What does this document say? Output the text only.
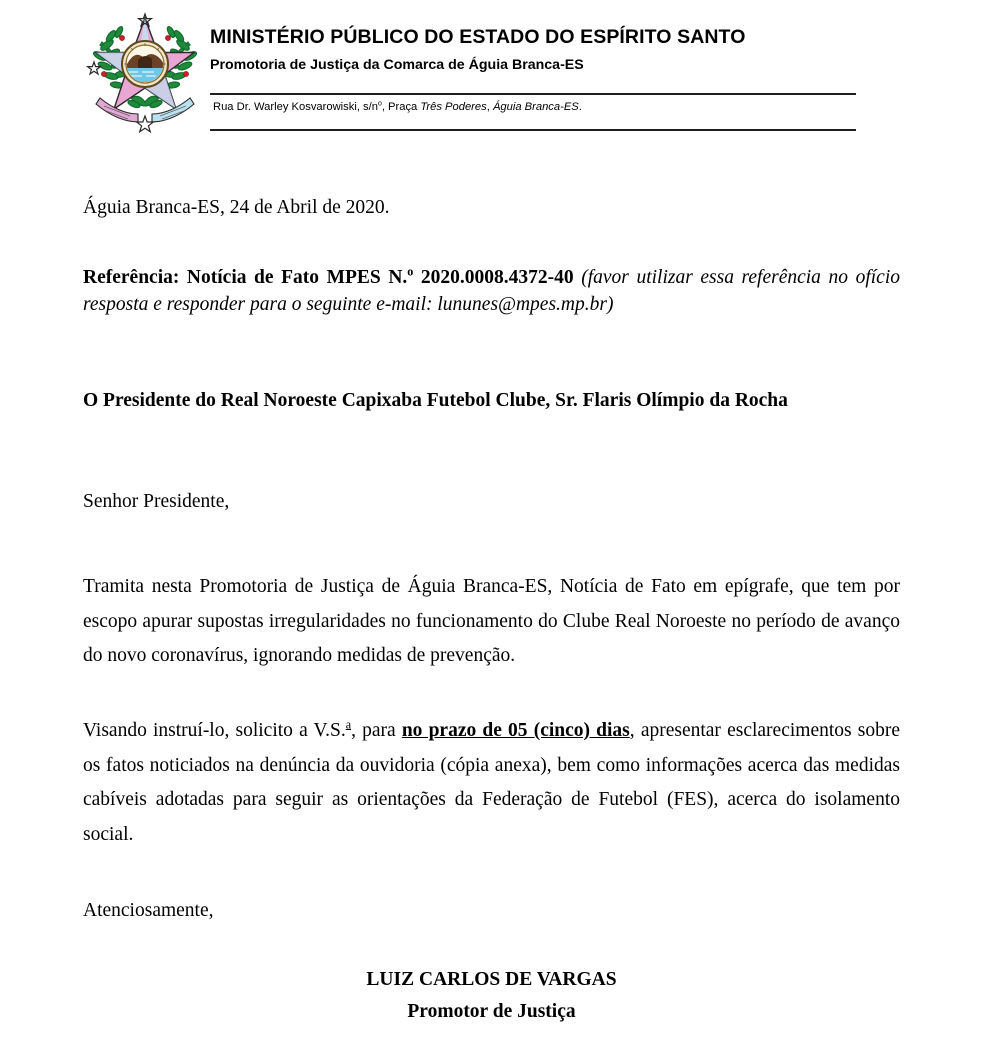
MINISTÉRIO PÚBLICO DO ESTADO DO ESPÍRITO SANTO
Promotoria de Justiça da Comarca de Águia Branca-ES
Rua Dr. Warley Kosvarowiski, $s/n^o$, Praça Três Poderes, Águia Branca-ES.

Águia Branca-ES, 24 de Abril de 2020.

Referência: Notícia de Fato MPES N.$^o$ 2020.0008.4372-40 (favor utilizar essa referência no ofício resposta e responder para o seguinte e-mail: lununes@mpes.mp.br)

O Presidente do Real Noroeste Capixaba Futebol Clube, Sr. Flaris Olímpio da Rocha

Senhor Presidente,

Tramita nesta Promotoria de Justiça de Águia Branca-ES, Notícia de Fato em epígrafe, que tem por escopo apurar supostas irregularidades no funcionamento do Clube Real Noroeste no período de avanço do novo coronavírus, ignorando medidas de prevenção.

Visando instruí-lo, solicito a V.S.$^a$, para no prazo de 05 (cinco) dias, apresentar esclarecimentos sobre os fatos noticiados na denúncia da ouvidoria (cópia anexa), bem como informações acerca das medidas cabíveis adotadas para seguir as orientações da Federação de Futebol (FES), acerca do isolamento social.

Atenciosamente,

LUIZ CARLOS DE VARGAS
Promotor de Justiça
